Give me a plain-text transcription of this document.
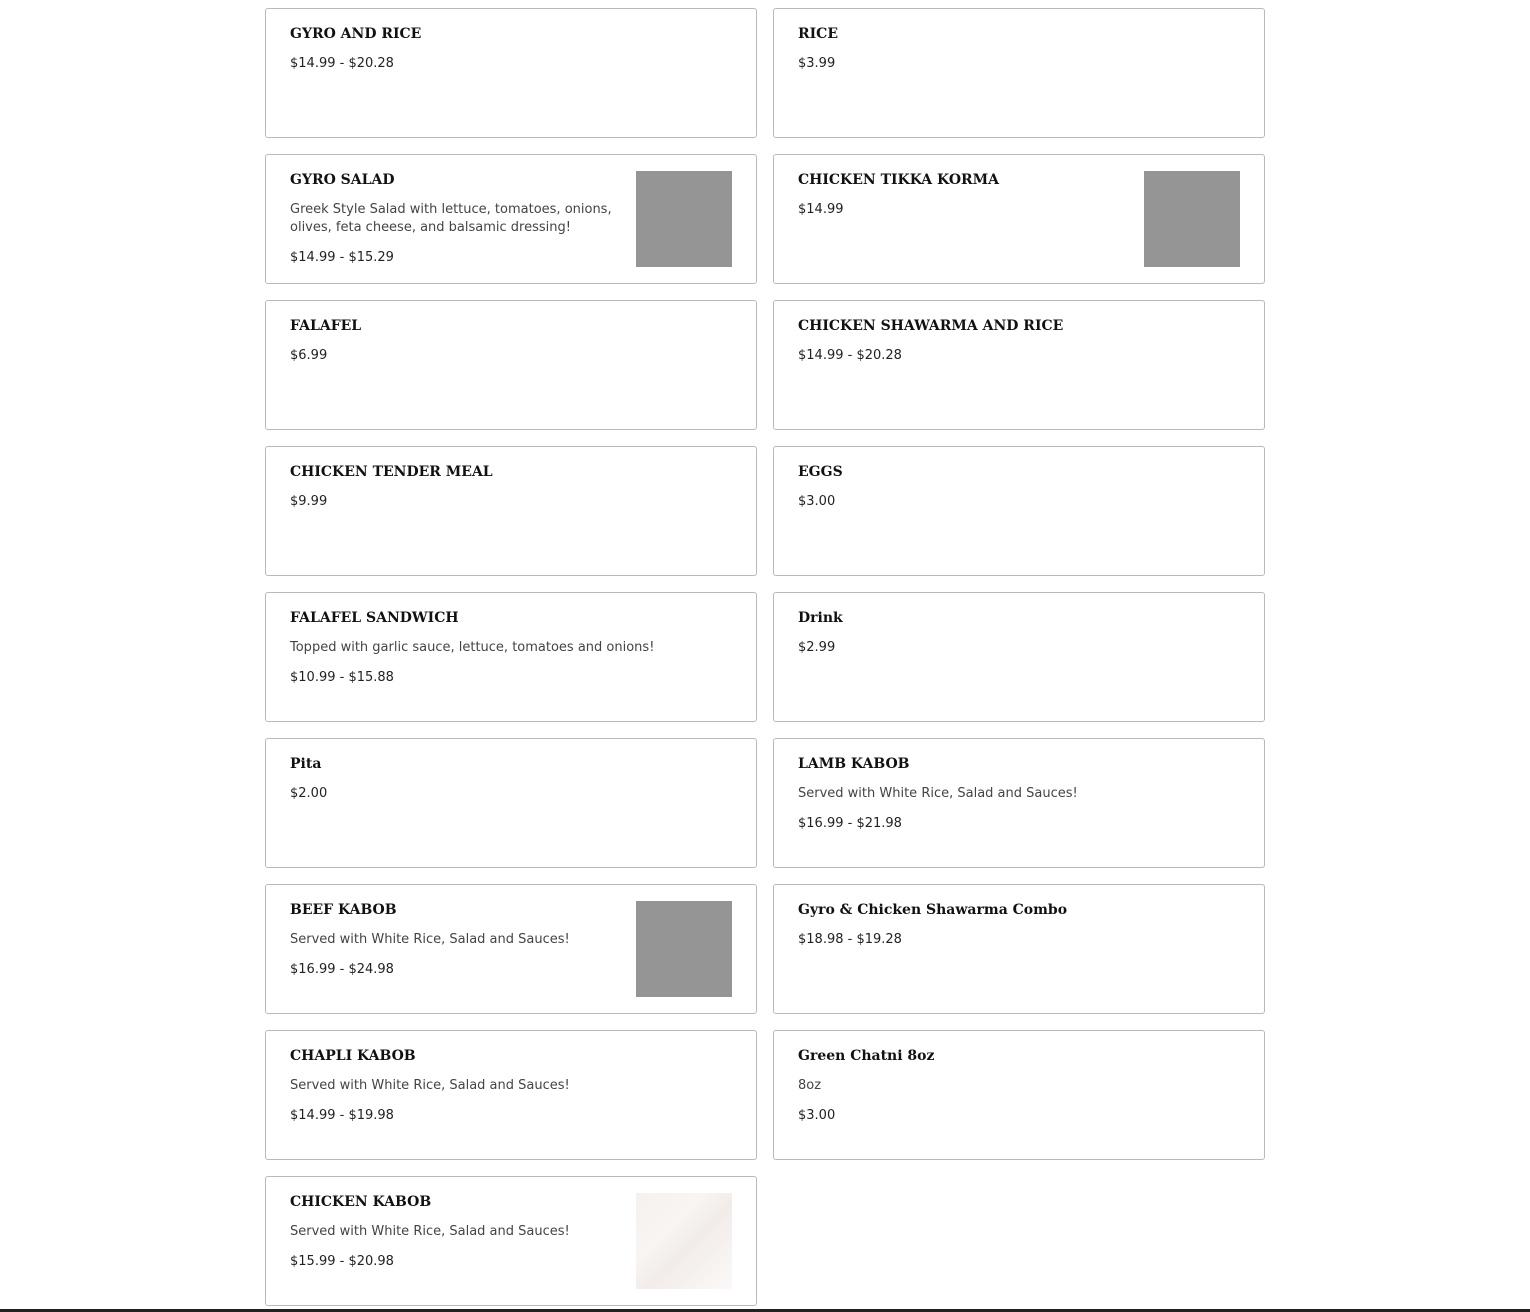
GYRO AND RICE
$14.99 - $20.28
RICE
$3.99
GYRO SALAD
Greek Style Salad with lettuce, tomatoes, onions, olives, feta cheese, and balsamic dressing!
$14.99 - $15.29
CHICKEN TIKKA KORMA
$14.99
FALAFEL
$6.99
CHICKEN SHAWARMA AND RICE
$14.99 - $20.28
CHICKEN TENDER MEAL
$9.99
EGGS
$3.00
FALAFEL SANDWICH
Topped with garlic sauce, lettuce, tomatoes and onions!
$10.99 - $15.88
Drink
$2.99
Pita
$2.00
LAMB KABOB
Served with White Rice, Salad and Sauces!
$16.99 - $21.98
BEEF KABOB
Served with White Rice, Salad and Sauces!
$16.99 - $24.98
Gyro & Chicken Shawarma Combo
$18.98 - $19.28
CHAPLI KABOB
Served with White Rice, Salad and Sauces!
$14.99 - $19.98
Green Chatni 8oz
8oz
$3.00
CHICKEN KABOB
Served with White Rice, Salad and Sauces!
$15.99 - $20.98
